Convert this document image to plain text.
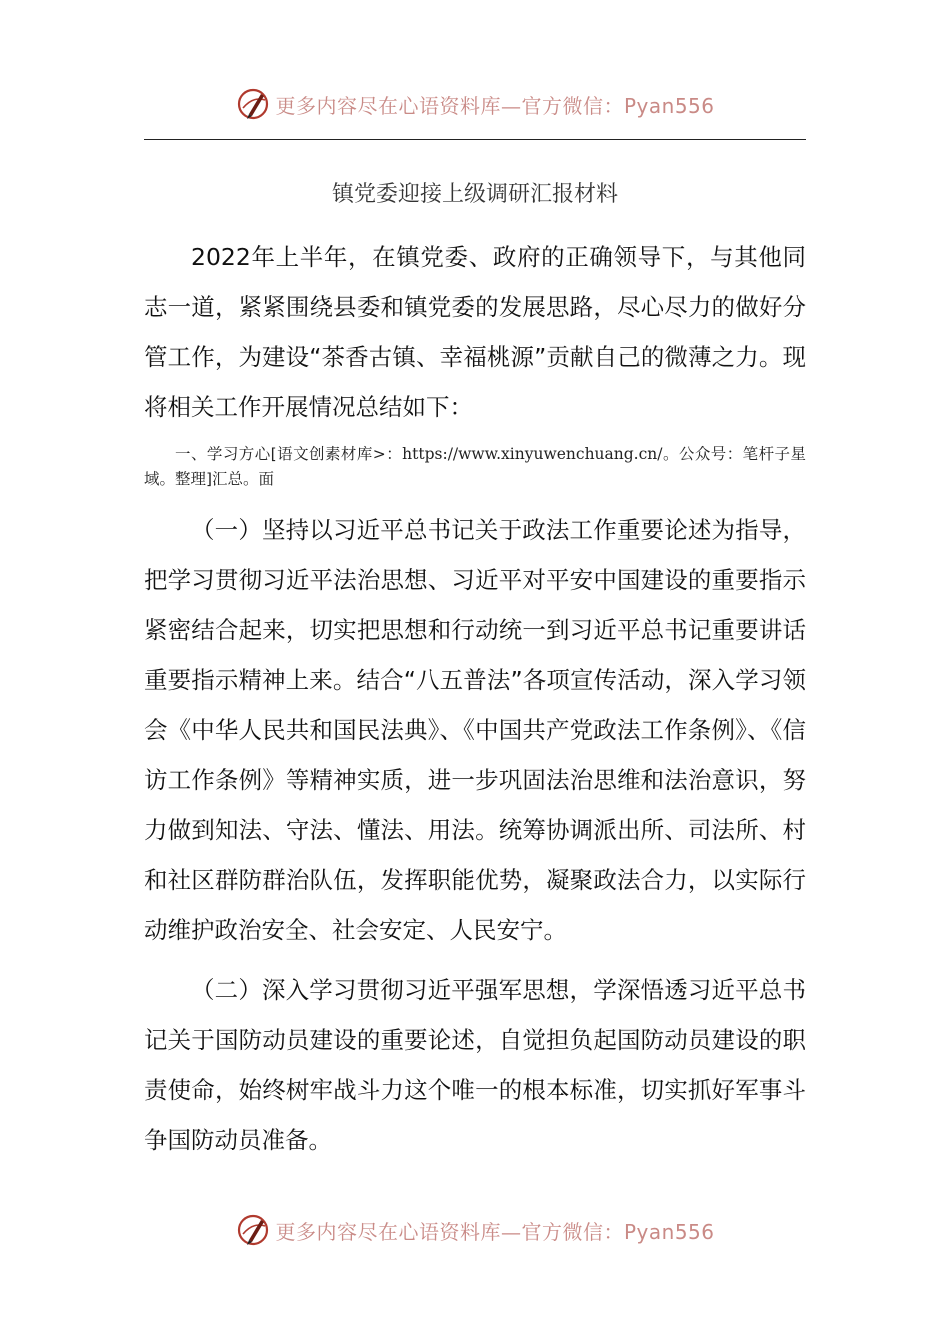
更多内容尽在心语资料库—官方微信：Pyan556
镇党委迎接上级调研汇报材料
2022年上半年，在镇党委、政府的正确领导下，与其他同志一道，紧紧围绕县委和镇党委的发展思路，尽心尽力的做好分管工作，为建设“茶香古镇、幸福桃源”贡献自己的微薄之力。现将相关工作开展情况总结如下：
一、学习方心[语文创素材库>：https://www.xinyuwenchuang.cn/。公众号：笔杆子星域。整理]汇总。面
（一）坚持以习近平总书记关于政法工作重要论述为指导，把学习贯彻习近平法治思想、习近平对平安中国建设的重要指示紧密结合起来，切实把思想和行动统一到习近平总书记重要讲话重要指示精神上来。结合“八五普法”各项宣传活动，深入学习领会《中华人民共和国民法典》、《中国共产党政法工作条例》、《信访工作条例》等精神实质，进一步巩固法治思维和法治意识，努力做到知法、守法、懂法、用法。统筹协调派出所、司法所、村和社区群防群治队伍，发挥职能优势，凝聚政法合力，以实际行动维护政治安全、社会安定、人民安宁。
（二）深入学习贯彻习近平强军思想，学深悟透习近平总书记关于国防动员建设的重要论述，自觉担负起国防动员建设的职责使命，始终树牢战斗力这个唯一的根本标准，切实抓好军事斗争国防动员准备。
更多内容尽在心语资料库—官方微信：Pyan556
